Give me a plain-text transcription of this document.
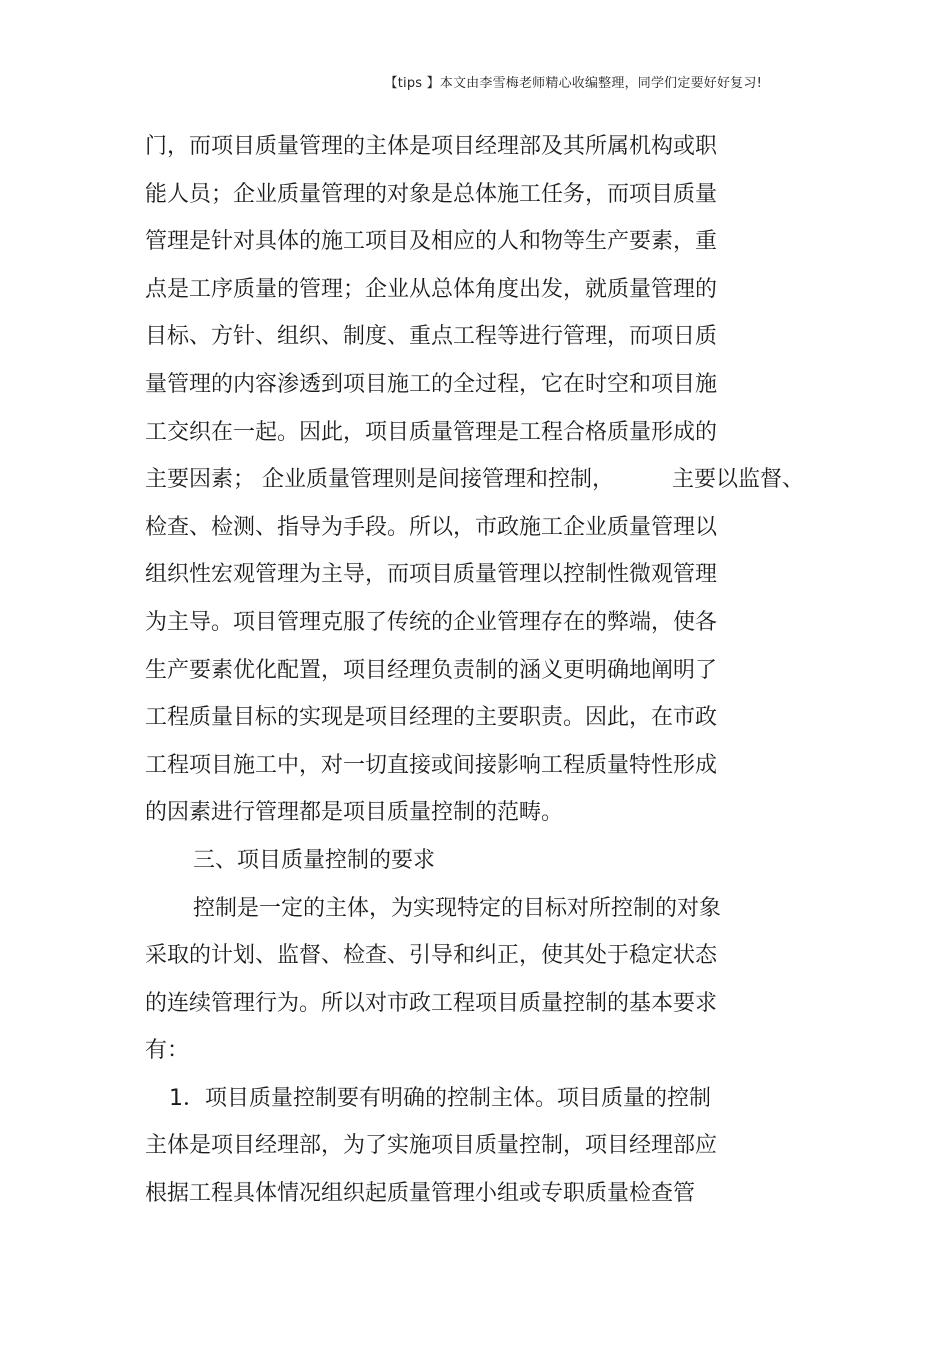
【tips 】本文由李雪梅老师精心收编整理，同学们定要好好复习!
门，而项目质量管理的主体是项目经理部及其所属机构或职
能人员；企业质量管理的对象是总体施工任务，而项目质量
管理是针对具体的施工项目及相应的人和物等生产要素，重
点是工序质量的管理；企业从总体角度出发，就质量管理的
目标、方针、组织、制度、重点工程等进行管理，而项日质
量管理的内容渗透到项目施工的全过程，它在时空和项目施
工交织在一起。因此，项目质量管理是工程合格质量形成的
主要因素； 企业质量管理则是间接管理和控制，	主要以监督、
检查、检测、指导为手段。所以，市政施工企业质量管理以
组织性宏观管理为主导，而项目质量管理以控制性微观管理
为主导。项目管理克服了传统的企业管理存在的弊端，使各
生产要素优化配置，项目经理负责制的涵义更明确地阐明了
工程质量目标的实现是项目经理的主要职责。因此，在市政
工程项目施工中，对一切直接或间接影响工程质量特性形成
的因素进行管理都是项目质量控制的范畴。
三、项目质量控制的要求
控制是一定的主体，为实现特定的目标对所控制的对象
采取的计划、监督、检查、引导和纠正，使其处于稳定状态
的连续管理行为。所以对市政工程项目质量控制的基本要求
有：
1．项目质量控制要有明确的控制主体。项目质量的控制
主体是项目经理部，为了实施项目质量控制，项目经理部应
根据工程具体情况组织起质量管理小组或专职质量检查管
